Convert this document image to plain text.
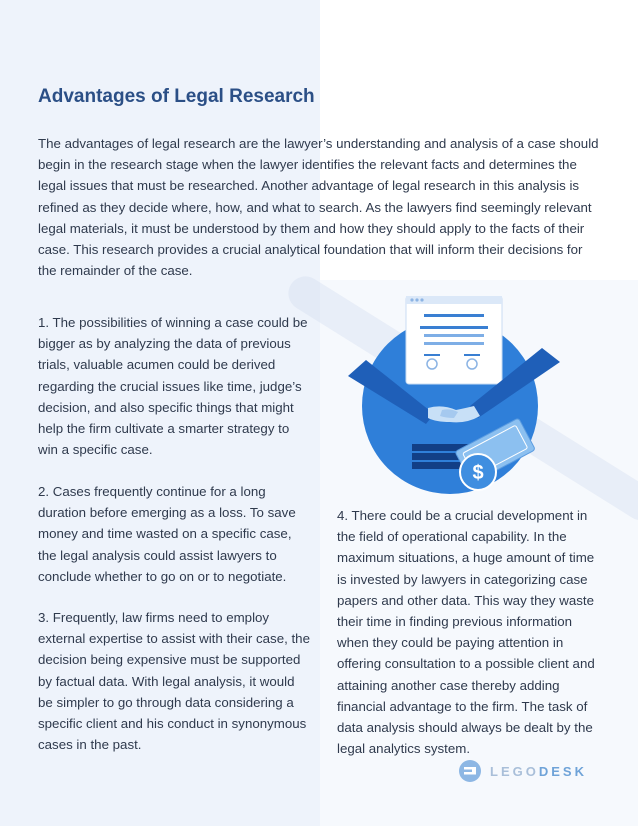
Advantages of Legal Research

The advantages of legal research are the lawyer’s understanding and analysis of a case should begin in the research stage when the lawyer identifies the relevant facts and determines the legal issues that must be researched. Another advantage of legal research in this analysis is refined as they decide where, how, and what to search. As the lawyers find seemingly relevant legal materials, it must be understood by them and how they should apply to the facts of their case. This research provides a crucial analytical foundation that will inform their decisions for the remainder of the case.

1. The possibilities of winning a case could be bigger as by analyzing the data of previous trials, valuable acumen could be derived regarding the crucial issues like time, judge’s decision, and also specific things that might help the firm cultivate a smarter strategy to win a specific case.

2. Cases frequently continue for a long duration before emerging as a loss. To save money and time wasted on a specific case, the legal analysis could assist lawyers to conclude whether to go on or to negotiate.

3. Frequently, law firms need to employ external expertise to assist with their case, the decision being expensive must be supported by factual data. With legal analysis, it would be simpler to go through data considering a specific client and his conduct in synonymous cases in the past.

4. There could be a crucial development in the field of operational capability. In the maximum situations, a huge amount of time is invested by lawyers in categorizing case papers and other data. This way they waste their time in finding previous information when they could be paying attention in offering consultation to a possible client and attaining another case thereby adding financial advantage to the firm. The task of data analysis should always be dealt by the legal analytics system.

$
LEGODESK
